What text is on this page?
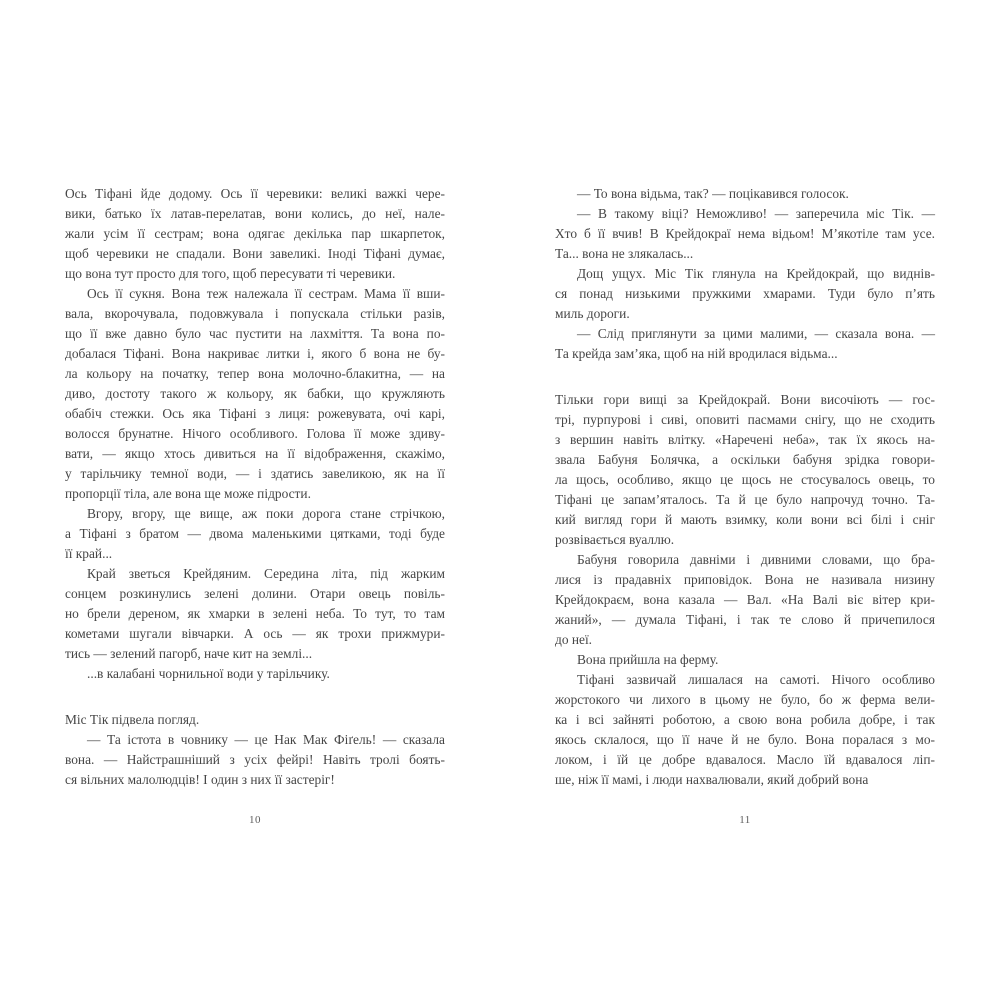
Ось Тіфані йде додому. Ось її черевики: великі важкі чере-
вики, батько їх латав-перелатав, вони колись, до неї, нале-
жали усім її сестрам; вона одягає декілька пар шкарпеток,
щоб черевики не спадали. Вони завеликі. Іноді Тіфані думає,
що вона тут просто для того, щоб пересувати ті черевики.
Ось її сукня. Вона теж належала її сестрам. Мама її вши-
вала, вкорочувала, подовжувала і попускала стільки разів,
що її вже давно було час пустити на лахміття. Та вона по-
добалася Тіфані. Вона накриває литки і, якого б вона не бу-
ла кольору на початку, тепер вона молочно-блакитна, — на
диво, достоту такого ж кольору, як бабки, що кружляють
обабіч стежки. Ось яка Тіфані з лиця: рожевувата, очі карі,
волосся брунатне. Нічого особливого. Голова її може здиву-
вати, — якщо хтось дивиться на її відображення, скажімо,
у тарільчику темної води, — і здатись завеликою, як на її
пропорції тіла, але вона ще може підрости.
Вгору, вгору, ще вище, аж поки дорога стане стрічкою,
а Тіфані з братом — двома маленькими цятками, тоді буде
її край...
Край зветься Крейдяним. Середина літа, під жарким
сонцем розкинулись зелені долини. Отари овець повіль-
но брели дереном, як хмарки в зелені неба. То тут, то там
кометами шугали вівчарки. А ось — як трохи прижмури-
тись — зелений пагорб, наче кит на землі...
...в калабані чорнильної води у тарільчику.
Міс Тік підвела погляд.
— Та істота в човнику — це Нак Мак Фіґель! — сказала
вона. — Найстрашніший з усіх фейрі! Навіть тролі боять-
ся вільних малолюдців! І один з них її застеріг!
— То вона відьма, так? — поцікавився голосок.
— В такому віці? Неможливо! — заперечила міс Тік. —
Хто б її вчив! В Крейдокраї нема відьом! М’якотіле там усе.
Та... вона не злякалась...
Дощ ущух. Міс Тік глянула на Крейдокрай, що виднів-
ся понад низькими пружкими хмарами. Туди було п’ять
миль дороги.
— Слід приглянути за цими малими, — сказала вона. —
Та крейда зам’яка, щоб на ній вродилася відьма...
Тільки гори вищі за Крейдокрай. Вони височіють — гос-
трі, пурпурові і сиві, оповиті пасмами снігу, що не сходить
з вершин навіть влітку. «Наречені неба», так їх якось на-
звала Бабуня Болячка, а оскільки бабуня зрідка говори-
ла щось, особливо, якщо це щось не стосувалось овець, то
Тіфані це запам’яталось. Та й це було напрочуд точно. Та-
кий вигляд гори й мають взимку, коли вони всі білі і сніг
розвівається вуаллю.
Бабуня говорила давніми і дивними словами, що бра-
лися із прадавніх приповідок. Вона не називала низину
Крейдокраєм, вона казала — Вал. «На Валі віє вітер кри-
жаний», — думала Тіфані, і так те слово й причепилося
до неї.
Вона прийшла на ферму.
Тіфані зазвичай лишалася на самоті. Нічого особливо
жорстокого чи лихого в цьому не було, бо ж ферма вели-
ка і всі зайняті роботою, а свою вона робила добре, і так
якось склалося, що її наче й не було. Вона поралася з мо-
локом, і їй це добре вдавалося. Масло їй вдавалося ліп-
ше, ніж її мамі, і люди нахвалювали, який добрий вона
10	11
